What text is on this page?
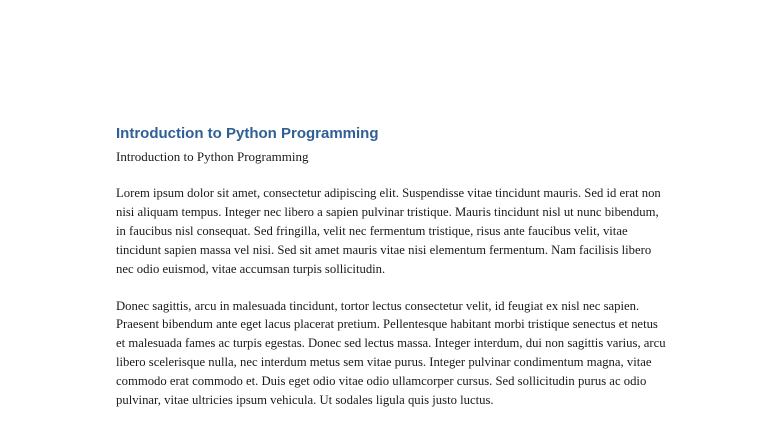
Introduction to Python Programming

Introduction to Python Programming

Lorem ipsum dolor sit amet, consectetur adipiscing elit. Suspendisse vitae tincidunt mauris. Sed id erat non nisi aliquam tempus. Integer nec libero a sapien pulvinar tristique. Mauris tincidunt nisl ut nunc bibendum, in faucibus nisl consequat. Sed fringilla, velit nec fermentum tristique, risus ante faucibus velit, vitae tincidunt sapien massa vel nisi. Sed sit amet mauris vitae nisi elementum fermentum. Nam facilisis libero nec odio euismod, vitae accumsan turpis sollicitudin.

Donec sagittis, arcu in malesuada tincidunt, tortor lectus consectetur velit, id feugiat ex nisl nec sapien. Praesent bibendum ante eget lacus placerat pretium. Pellentesque habitant morbi tristique senectus et netus et malesuada fames ac turpis egestas. Donec sed lectus massa. Integer interdum, dui non sagittis varius, arcu libero scelerisque nulla, nec interdum metus sem vitae purus. Integer pulvinar condimentum magna, vitae commodo erat commodo et. Duis eget odio vitae odio ullamcorper cursus. Sed sollicitudin purus ac odio pulvinar, vitae ultricies ipsum vehicula. Ut sodales ligula quis justo luctus.
